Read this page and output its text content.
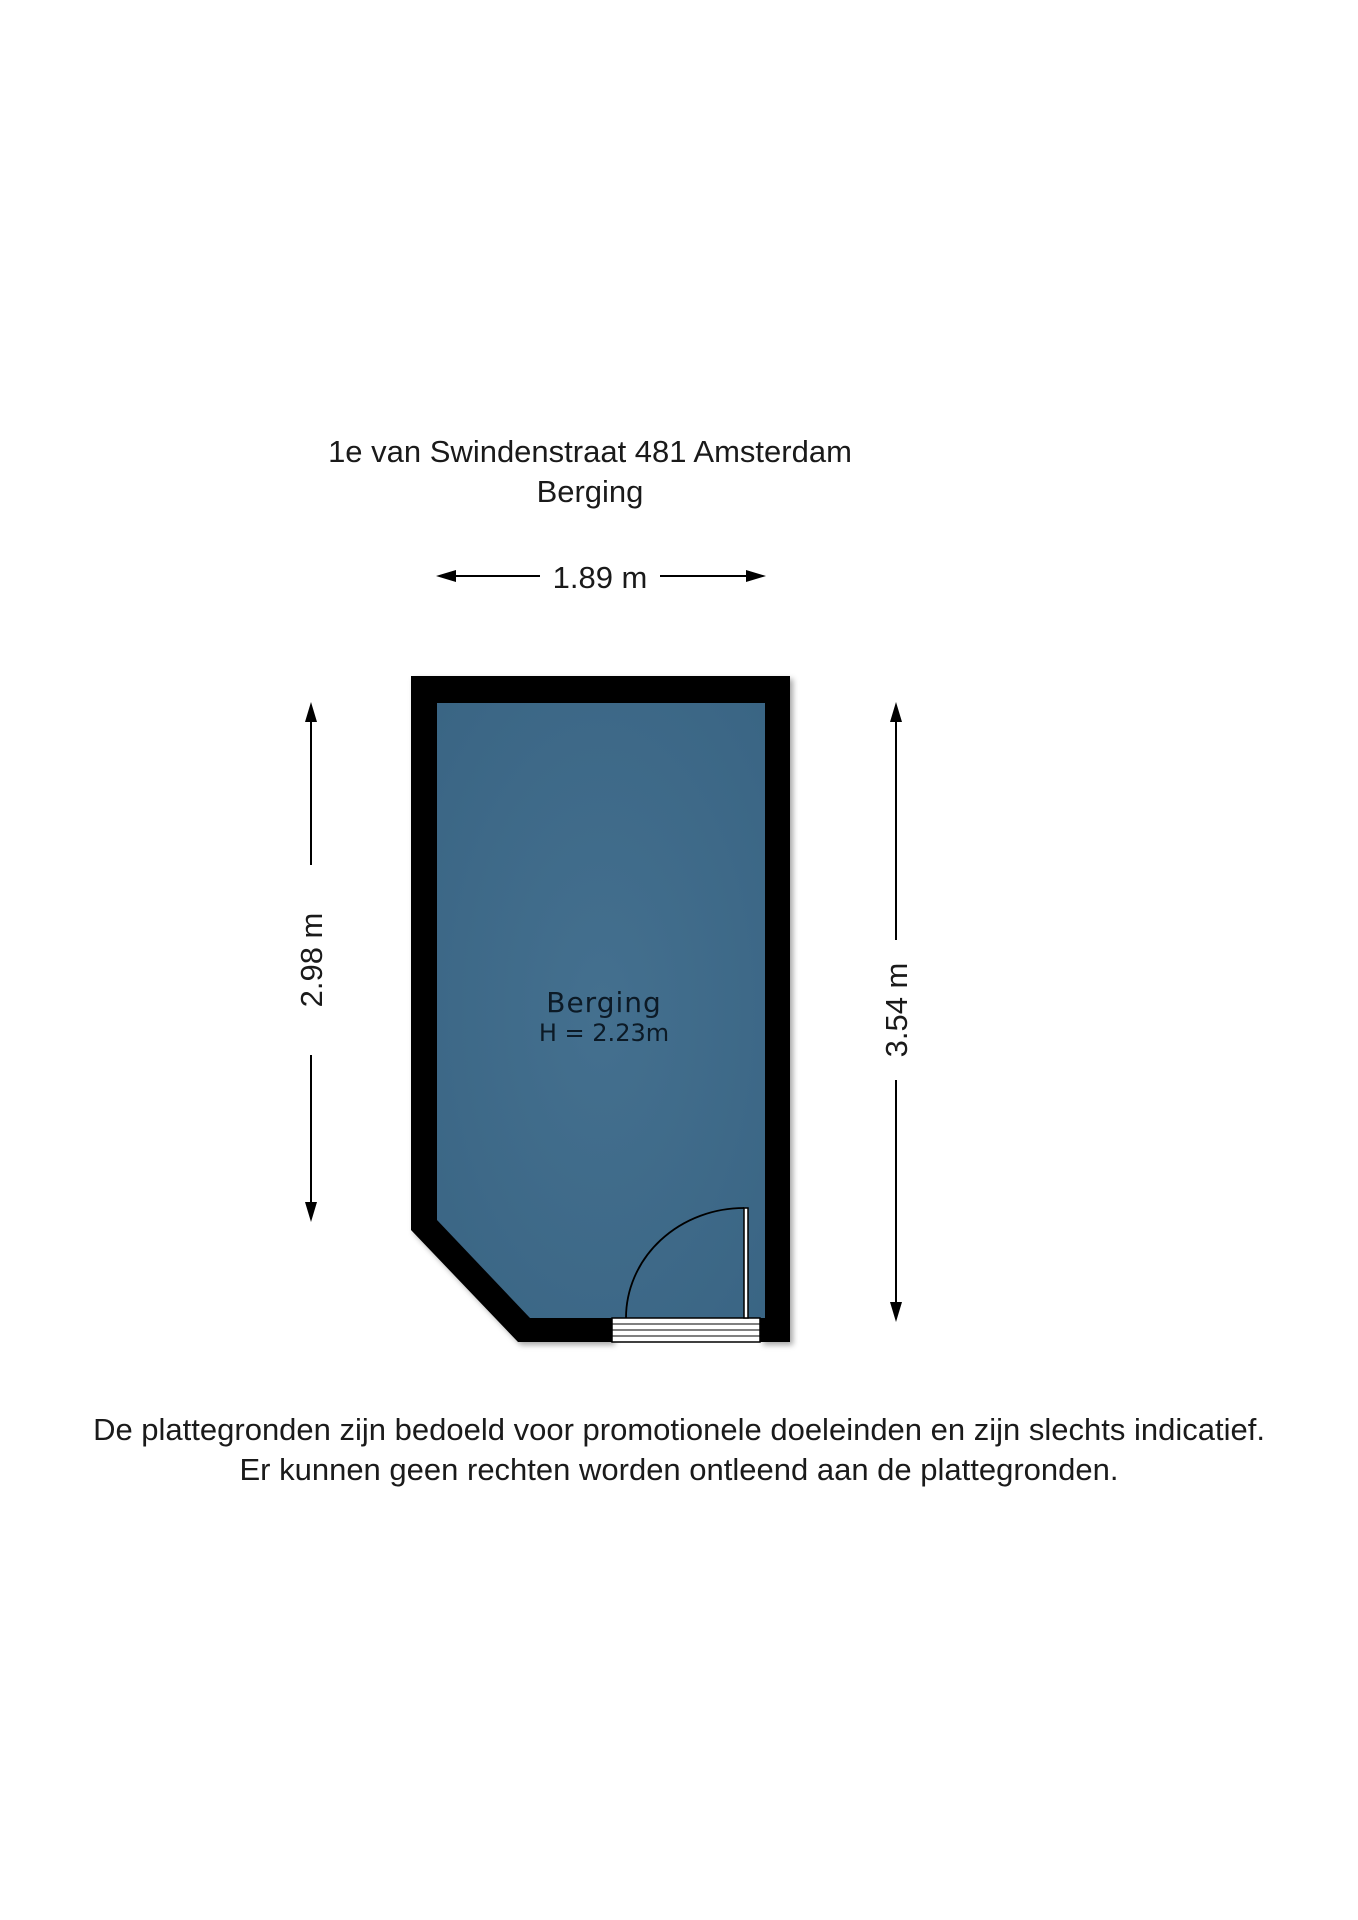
1e van Swindenstraat 481 Amsterdam
Berging
1.89 m
2.98 m
3.54 m
Berging
H = 2.23m
De plattegronden zijn bedoeld voor promotionele doeleinden en zijn slechts indicatief.
Er kunnen geen rechten worden ontleend aan de plattegronden.
